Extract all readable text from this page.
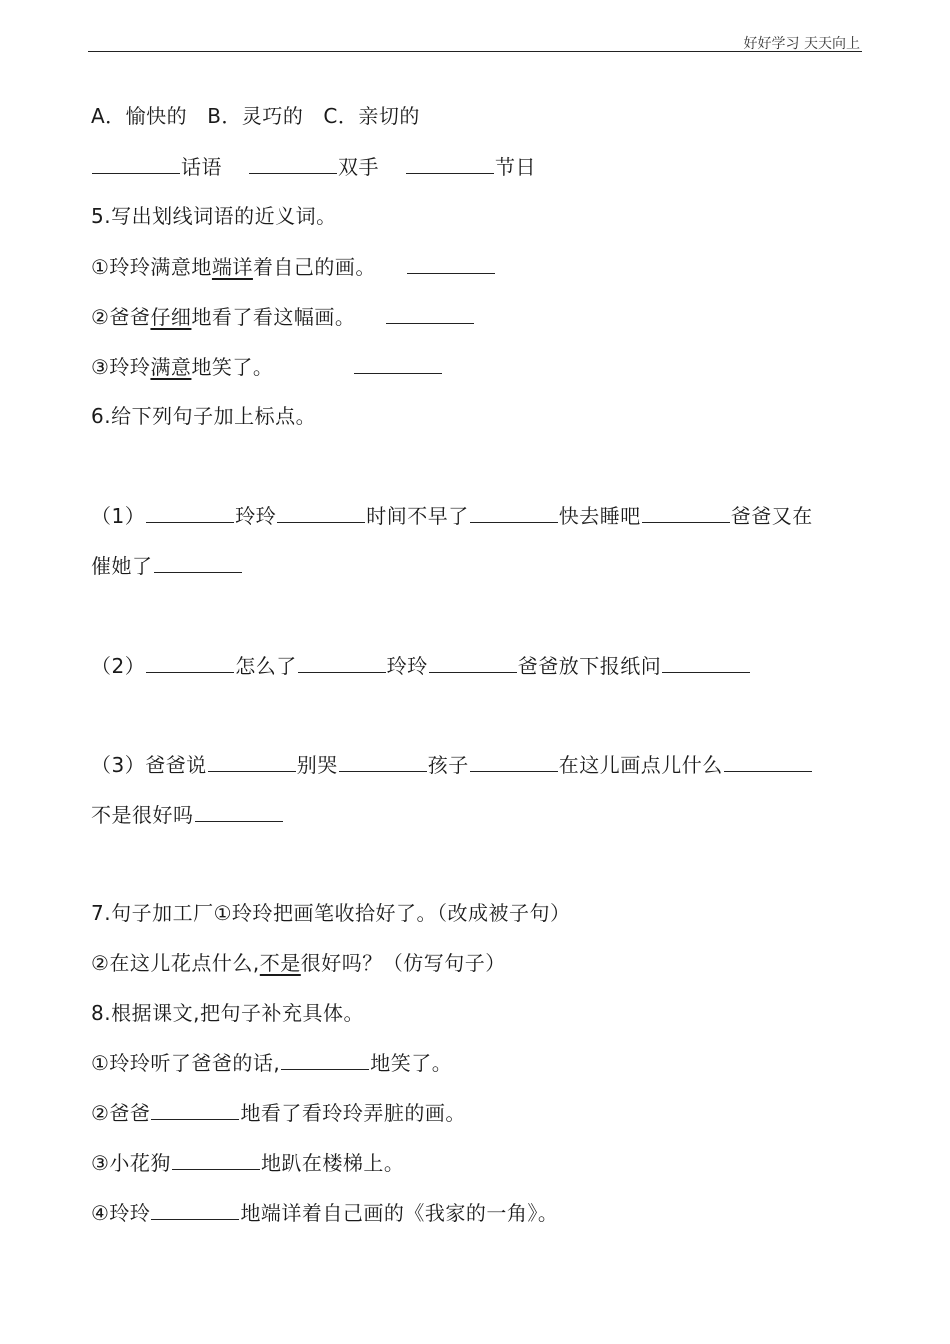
好好学习 天天向上
A．愉快的 B．灵巧的 C．亲切的
话语	双手	节日
5.写出划线词语的近义词。
①玲玲满意地端详着自己的画。
②爸爸仔细地看了看这幅画。
③玲玲满意地笑了。
6.给下列句子加上标点。
（1）	玲玲	时间不早了	快去睡吧	爸爸又在
催她了
（2）	怎么了	玲玲	爸爸放下报纸问
（3）爸爸说	别哭	孩子	在这儿画点儿什么
不是很好吗
7.句子加工厂①玲玲把画笔收拾好了。（改成被子句）
②在这儿花点什么,不是很好吗？（仿写句子）
8.根据课文,把句子补充具体。
①玲玲听了爸爸的话,	地笑了。
②爸爸	地看了看玲玲弄脏的画。
③小花狗	地趴在楼梯上。
④玲玲	地端详着自己画的《我家的一角》。
